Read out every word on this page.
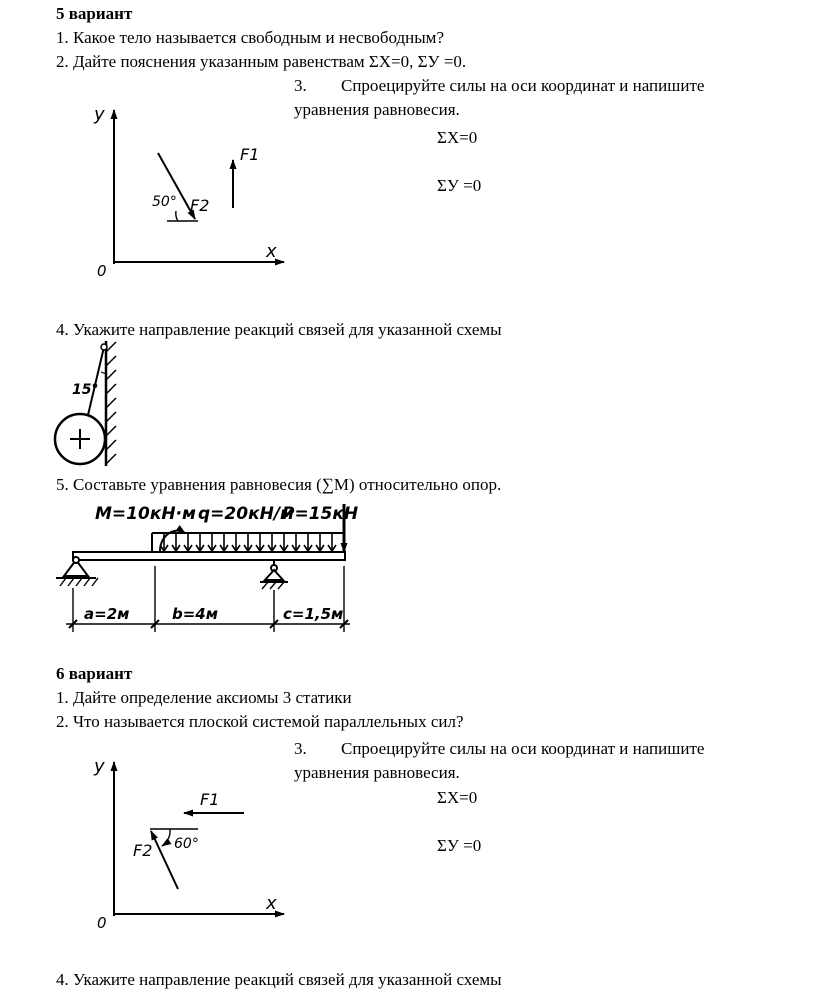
5 вариант
1. Какое тело называется свободным и несвободным?
2. Дайте пояснения указанным равенствам ΣX=0, ΣУ =0.
3. Спроецируйте силы на оси координат и напишите
уравнения равновесия.
ΣX=0
ΣУ =0
y
x
0
F1
F2
50°
4. Укажите направление реакций связей для указанной схемы
15°
5. Составьте уравнения равновесия (∑M) относительно опор.
M=10кН·м q=20кН/м
P=15кН
a=2м	b=4м	c=1,5м
6 вариант
1. Дайте определение аксиомы 3 статики
2. Что называется плоской системой параллельных сил?
3. Спроецируйте силы на оси координат и напишите
уравнения равновесия.
ΣX=0
ΣУ =0
y
x
0
F1
F2 60°
4. Укажите направление реакций связей для указанной схемы
